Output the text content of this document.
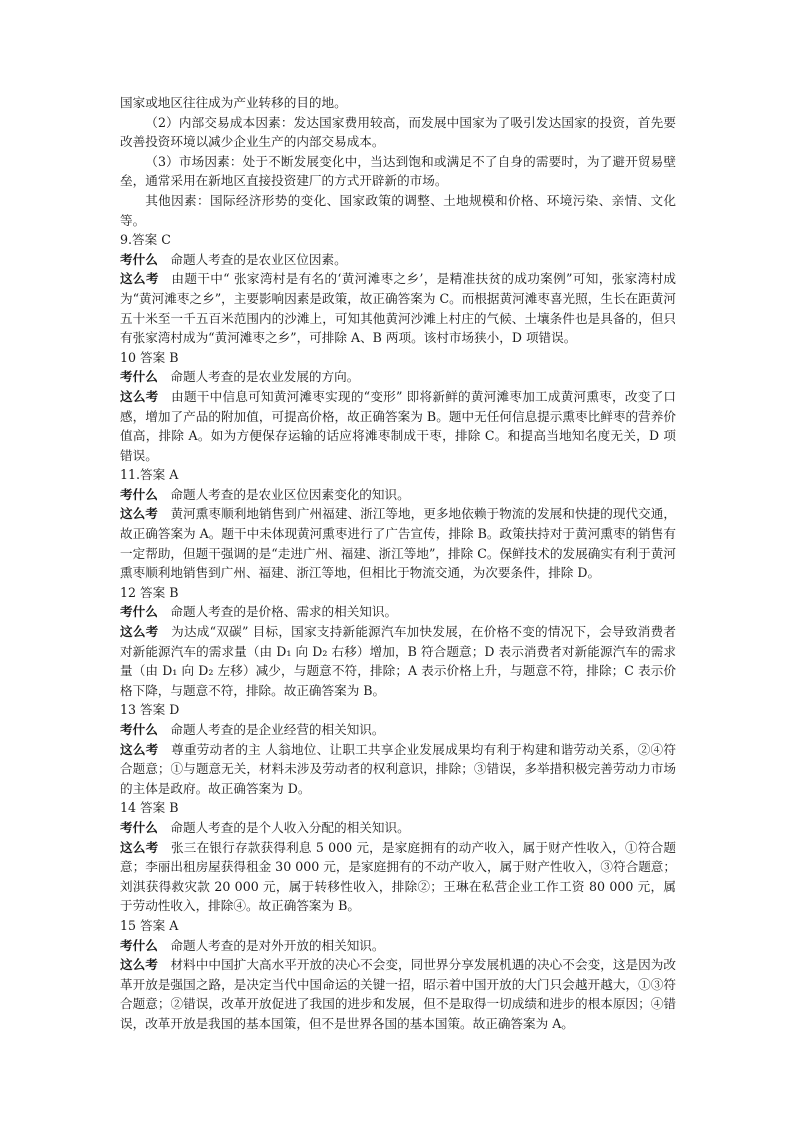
国家或地区往往成为产业转移的目的地。

（2）内部交易成本因素：发达国家费用较高，而发展中国家为了吸引发达国家的投资，首先要改善投资环境以减少企业生产的内部交易成本。

（3）市场因素：处于不断发展变化中，当达到饱和或满足不了自身的需要时，为了避开贸易壁垒，通常采用在新地区直接投资建厂的方式开辟新的市场。

其他因素：国际经济形势的变化、国家政策的调整、土地规模和价格、环境污染、亲情、文化等。

9.答案 C

考什么 命题人考查的是农业区位因素。

这么考 由题干中“ 张家湾村是有名的‘黄河滩枣之乡’，是精准扶贫的成功案例”可知，张家湾村成为“黄河滩枣之乡”，主要影响因素是政策，故正确答案为 C。而根据黄河滩枣喜光照，生长在距黄河五十米至一千五百米范围内的沙滩上，可知其他黄河沙滩上村庄的气候、土壤条件也是具备的，但只有张家湾村成为“黄河滩枣之乡”，可排除 A、B 两项。该村市场狭小，D 项错误。

10 答案 B

考什么 命题人考查的是农业发展的方向。

这么考 由题干中信息可知黄河滩枣实现的“变形” 即将新鲜的黄河滩枣加工成黄河熏枣，改变了口感，增加了产品的附加值，可提高价格，故正确答案为 B。题中无任何信息提示熏枣比鲜枣的营养价值高，排除 A。如为方便保存运输的话应将滩枣制成干枣，排除 C。和提高当地知名度无关，D 项错误。

11.答案 A

考什么 命题人考查的是农业区位因素变化的知识。

这么考 黄河熏枣顺利地销售到广州福建、浙江等地，更多地依赖于物流的发展和快捷的现代交通，故正确答案为 A。题干中未体现黄河熏枣进行了广告宣传，排除 B。政策扶持对于黄河熏枣的销售有一定帮助，但题干强调的是“走进广州、福建、浙江等地”，排除 C。保鲜技术的发展确实有利于黄河熏枣顺利地销售到广州、福建、浙江等地，但相比于物流交通，为次要条件，排除 D。

12 答案 B

考什么 命题人考查的是价格、需求的相关知识。

这么考 为达成“双碳” 目标，国家支持新能源汽车加快发展，在价格不变的情况下，会导致消费者对新能源汽车的需求量（由 D₁ 向 D₂ 右移）增加，B 符合题意；D 表示消费者对新能源汽车的需求量（由 D₁ 向 D₂ 左移）减少，与题意不符，排除；A 表示价格上升，与题意不符，排除；C 表示价格下降，与题意不符，排除。故正确答案为 B。

13 答案 D

考什么 命题人考查的是企业经营的相关知识。

这么考 尊重劳动者的主 人翁地位、让职工共享企业发展成果均有利于构建和谐劳动关系，②④符合题意；①与题意无关，材料未涉及劳动者的权利意识，排除；③错误，多举措积极完善劳动力市场的主体是政府。故正确答案为 D。

14 答案 B

考什么 命题人考查的是个人收入分配的相关知识。

这么考 张三在银行存款获得利息 5 000 元，是家庭拥有的动产收入，属于财产性收入，①符合题意；李丽出租房屋获得租金 30 000 元，是家庭拥有的不动产收入，属于财产性收入，③符合题意；刘淇获得救灾款 20 000 元，属于转移性收入，排除②；王琳在私营企业工作工资 80 000 元，属于劳动性收入，排除④。故正确答案为 B。

15 答案 A

考什么 命题人考查的是对外开放的相关知识。

这么考 材料中中国扩大高水平开放的决心不会变，同世界分享发展机遇的决心不会变，这是因为改革开放是强国之路，是决定当代中国命运的关键一招，昭示着中国开放的大门只会越开越大，①③符合题意；②错误，改革开放促进了我国的进步和发展，但不是取得一切成绩和进步的根本原因；④错误，改革开放是我国的基本国策，但不是世界各国的基本国策。故正确答案为 A。
